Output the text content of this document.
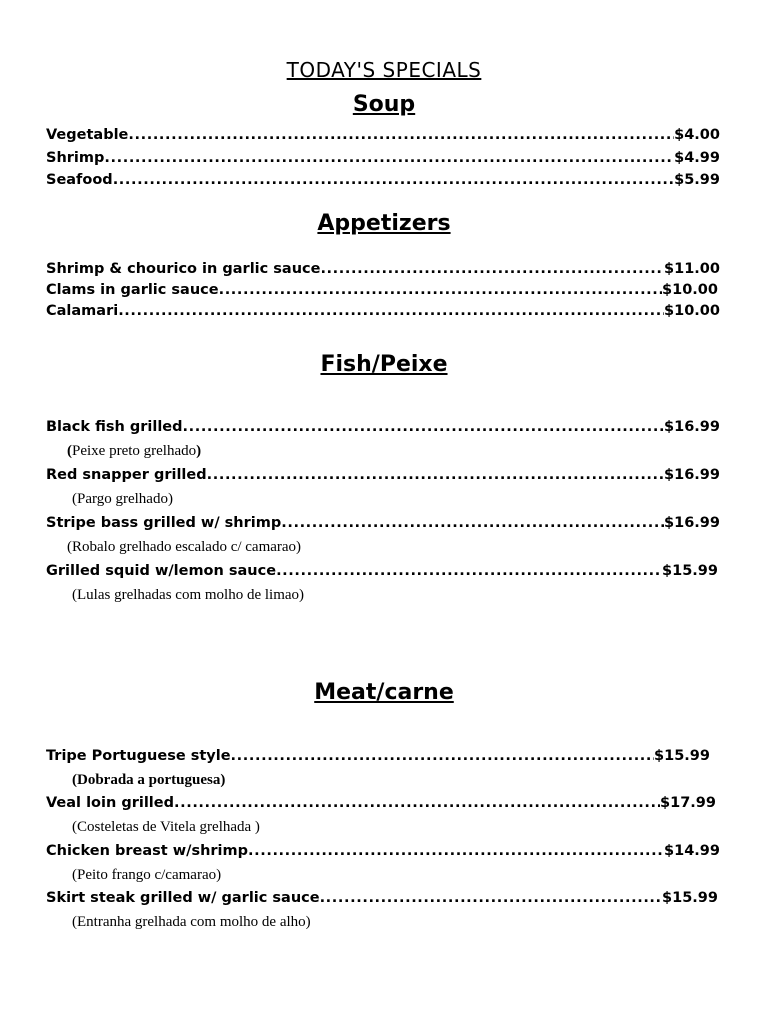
TODAY'S SPECIALS
Soup
Vegetable .....	$4.00
Shrimp .....	$4.99
Seafood .....	$5.99
Appetizers
Shrimp & chourico in garlic sauce .....	$11.00
Clams in garlic sauce .....	$10.00
Calamari .....	$10.00
Fish/Peixe
Black fish grilled .....	$16.99
(Peixe preto grelhado)
Red snapper grilled .....	$16.99
(Pargo grelhado)
Stripe bass grilled w/ shrimp .....	$16.99
(Robalo grelhado escalado c/ camarao)
Grilled squid w/lemon sauce .....	$15.99
(Lulas grelhadas com molho de limao)
Meat/carne
Tripe Portuguese style .....	$15.99
(Dobrada a portuguesa)
Veal loin grilled .....	$17.99
(Costeletas de Vitela grelhada )
Chicken breast w/shrimp .....	$14.99
(Peito frango c/camarao)
Skirt steak grilled w/ garlic sauce .....	$15.99
(Entranha grelhada com molho de alho)
